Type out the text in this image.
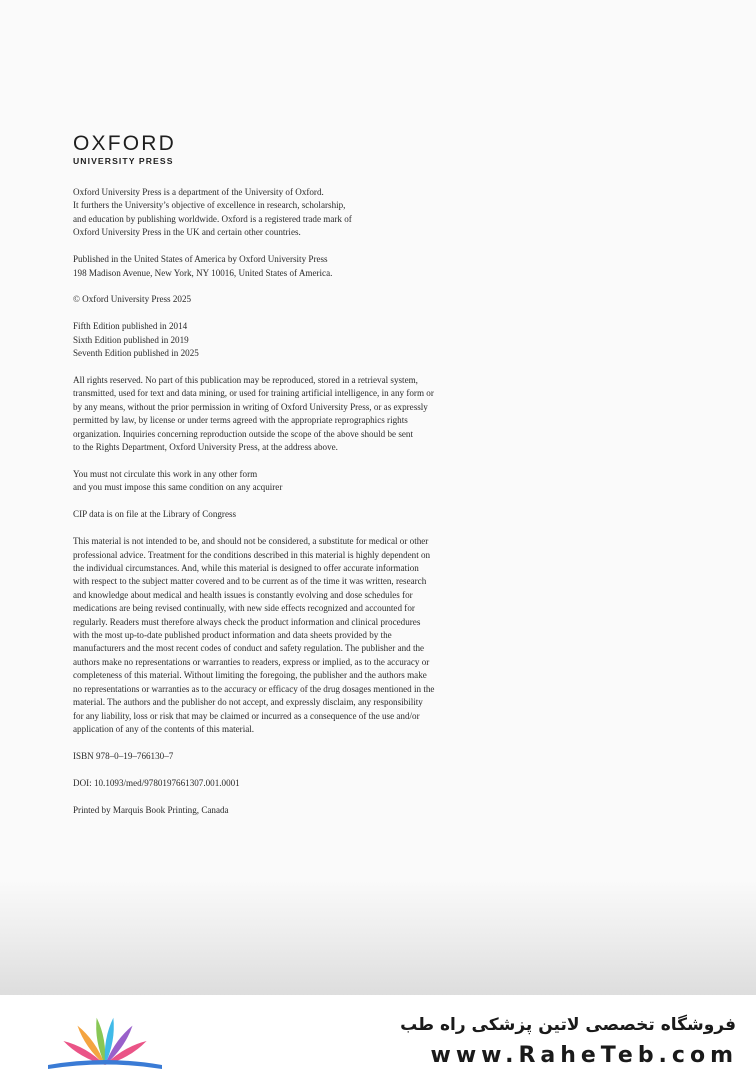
OXFORD
UNIVERSITY PRESS

Oxford University Press is a department of the University of Oxford.
It furthers the University’s objective of excellence in research, scholarship,
and education by publishing worldwide. Oxford is a registered trade mark of
Oxford University Press in the UK and certain other countries.

Published in the United States of America by Oxford University Press
198 Madison Avenue, New York, NY 10016, United States of America.

© Oxford University Press 2025

Fifth Edition published in 2014
Sixth Edition published in 2019
Seventh Edition published in 2025

All rights reserved. No part of this publication may be reproduced, stored in a retrieval system,
transmitted, used for text and data mining, or used for training artificial intelligence, in any form or
by any means, without the prior permission in writing of Oxford University Press, or as expressly
permitted by law, by license or under terms agreed with the appropriate reprographics rights
organization. Inquiries concerning reproduction outside the scope of the above should be sent
to the Rights Department, Oxford University Press, at the address above.

You must not circulate this work in any other form
and you must impose this same condition on any acquirer

CIP data is on file at the Library of Congress

This material is not intended to be, and should not be considered, a substitute for medical or other
professional advice. Treatment for the conditions described in this material is highly dependent on
the individual circumstances. And, while this material is designed to offer accurate information
with respect to the subject matter covered and to be current as of the time it was written, research
and knowledge about medical and health issues is constantly evolving and dose schedules for
medications are being revised continually, with new side effects recognized and accounted for
regularly. Readers must therefore always check the product information and clinical procedures
with the most up-to-date published product information and data sheets provided by the
manufacturers and the most recent codes of conduct and safety regulation. The publisher and the
authors make no representations or warranties to readers, express or implied, as to the accuracy or
completeness of this material. Without limiting the foregoing, the publisher and the authors make
no representations or warranties as to the accuracy or efficacy of the drug dosages mentioned in the
material. The authors and the publisher do not accept, and expressly disclaim, any responsibility
for any liability, loss or risk that may be claimed or incurred as a consequence of the use and/or
application of any of the contents of this material.

ISBN 978–0–19–766130–7

DOI: 10.1093/med/9780197661307.001.0001

Printed by Marquis Book Printing, Canada

فروشگاه تخصصی لاتین پزشکی راه طب
www.RaheTeb.com
